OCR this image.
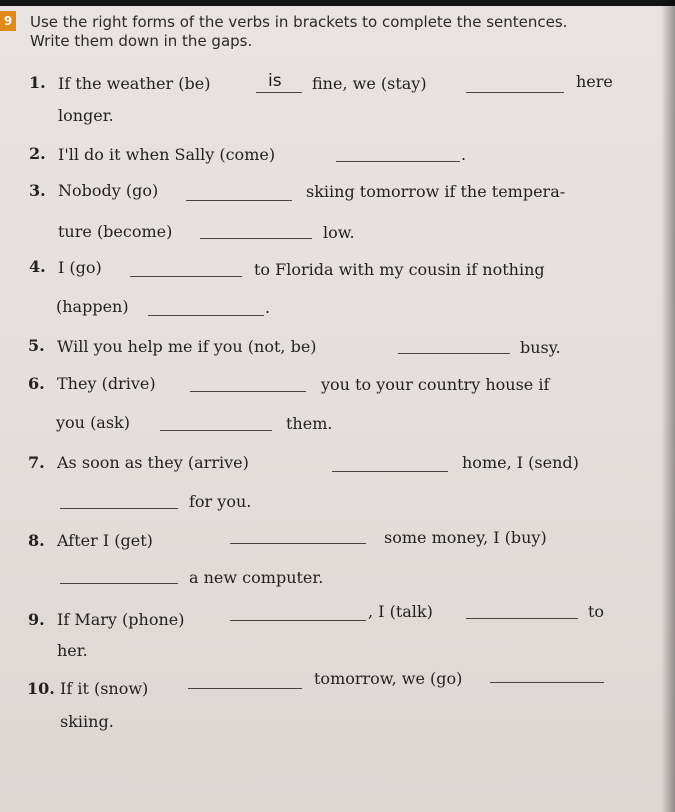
9 Use the right forms of the verbs in brackets to complete the sentences.
Write them down in the gaps.
1. If the weather (be)	is fine, we (stay)	here
longer.
2. I'll do it when Sally (come)	.
3. Nobody (go)	skiing tomorrow if the tempera-
ture (become)	low.
4. I (go)	to Florida with my cousin if nothing
(happen)	.
5. Will you help me if you (not, be)	busy.
6. They (drive)	you to your country house if
you (ask)	them.
7. As soon as they (arrive)	home, I (send)
for you.
8. After I (get)	some money, I (buy)
a new computer.
9. If Mary (phone)	, I (talk)	to
her.
10. If it (snow)
tomorrow, we (go)
skiing.
